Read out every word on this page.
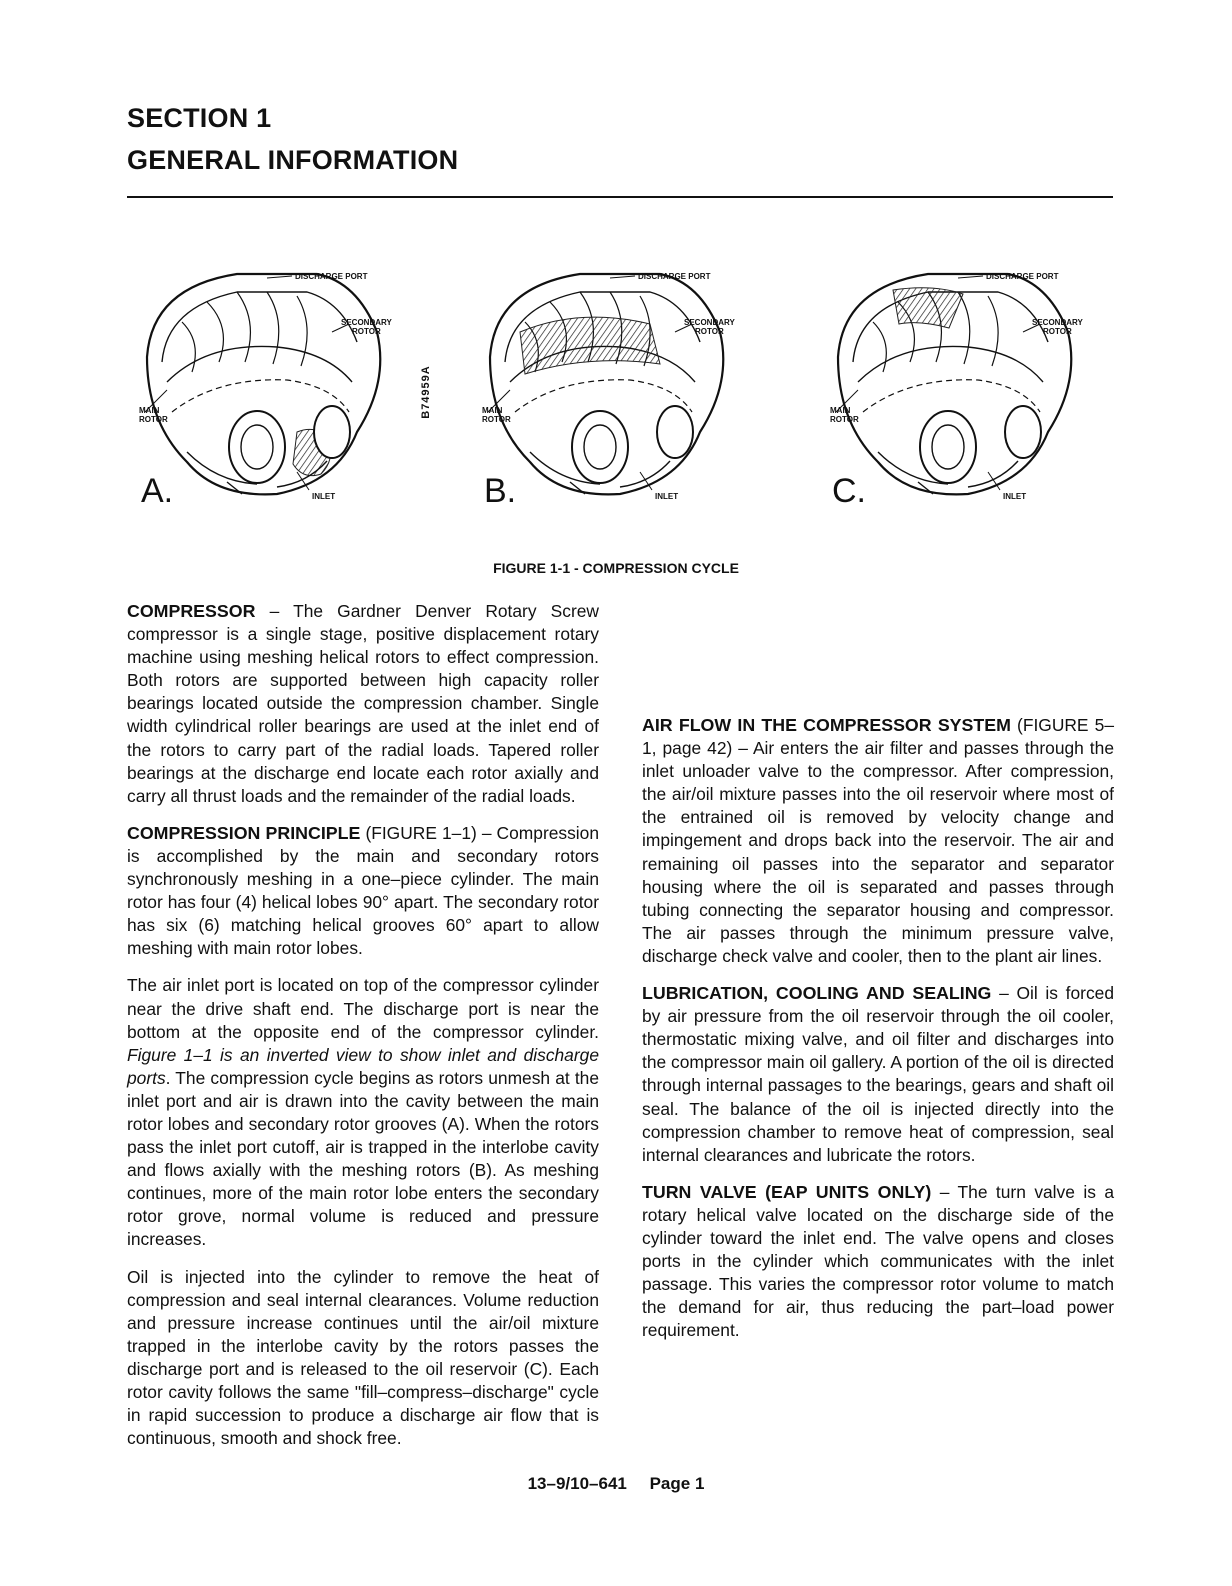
SECTION 1
GENERAL INFORMATION
DISCHARGE PORT
SECONDARY
ROTOR
MAIN
ROTOR
INLET
A.
DISCHARGE PORT
SECONDARY
ROTOR
MAIN
ROTOR
INLET
B.
DISCHARGE PORT
SECONDARY
ROTOR
MAIN
ROTOR
INLET
C.
B74959A
FIGURE 1-1 - COMPRESSION CYCLE

COMPRESSOR – The Gardner Denver Rotary Screw compressor is a single stage, positive displacement rotary machine using meshing helical rotors to effect compression. Both rotors are supported between high capacity roller bearings located outside the compression chamber. Single width cylindrical roller bearings are used at the inlet end of the rotors to carry part of the radial loads. Tapered roller bearings at the discharge end locate each rotor axially and carry all thrust loads and the remainder of the radial loads.

COMPRESSION PRINCIPLE (FIGURE 1–1) – Compression is accomplished by the main and secondary rotors synchronously meshing in a one–piece cylinder. The main rotor has four (4) helical lobes 90° apart. The secondary rotor has six (6) matching helical grooves 60° apart to allow meshing with main rotor lobes.

The air inlet port is located on top of the compressor cylinder near the drive shaft end. The discharge port is near the bottom at the opposite end of the compressor cylinder. Figure 1–1 is an inverted view to show inlet and discharge ports. The compression cycle begins as rotors unmesh at the inlet port and air is drawn into the cavity between the main rotor lobes and secondary rotor grooves (A). When the rotors pass the inlet port cutoff, air is trapped in the interlobe cavity and flows axially with the meshing rotors (B). As meshing continues, more of the main rotor lobe enters the secondary rotor grove, normal volume is reduced and pressure increases.

Oil is injected into the cylinder to remove the heat of compression and seal internal clearances. Volume reduction and pressure increase continues until the air/oil mixture trapped in the interlobe cavity by the rotors passes the discharge port and is released to the oil reservoir (C). Each rotor cavity follows the same "fill–compress–discharge" cycle in rapid succession to produce a discharge air flow that is continuous, smooth and shock free.

AIR FLOW IN THE COMPRESSOR SYSTEM (FIGURE 5–1, page 42) – Air enters the air filter and passes through the inlet unloader valve to the compressor. After compression, the air/oil mixture passes into the oil reservoir where most of the entrained oil is removed by velocity change and impingement and drops back into the reservoir. The air and remaining oil passes into the separator and separator housing where the oil is separated and passes through tubing connecting the separator housing and compressor. The air passes through the minimum pressure valve, discharge check valve and cooler, then to the plant air lines.

LUBRICATION, COOLING AND SEALING – Oil is forced by air pressure from the oil reservoir through the oil cooler, thermostatic mixing valve, and oil filter and discharges into the compressor main oil gallery. A portion of the oil is directed through internal passages to the bearings, gears and shaft oil seal. The balance of the oil is injected directly into the compression chamber to remove heat of compression, seal internal clearances and lubricate the rotors.

TURN VALVE (EAP UNITS ONLY) – The turn valve is a rotary helical valve located on the discharge side of the cylinder toward the inlet end. The valve opens and closes ports in the cylinder which communicates with the inlet passage. This varies the compressor rotor volume to match the demand for air, thus reducing the part–load power requirement.

13–9/10–641 Page 1
